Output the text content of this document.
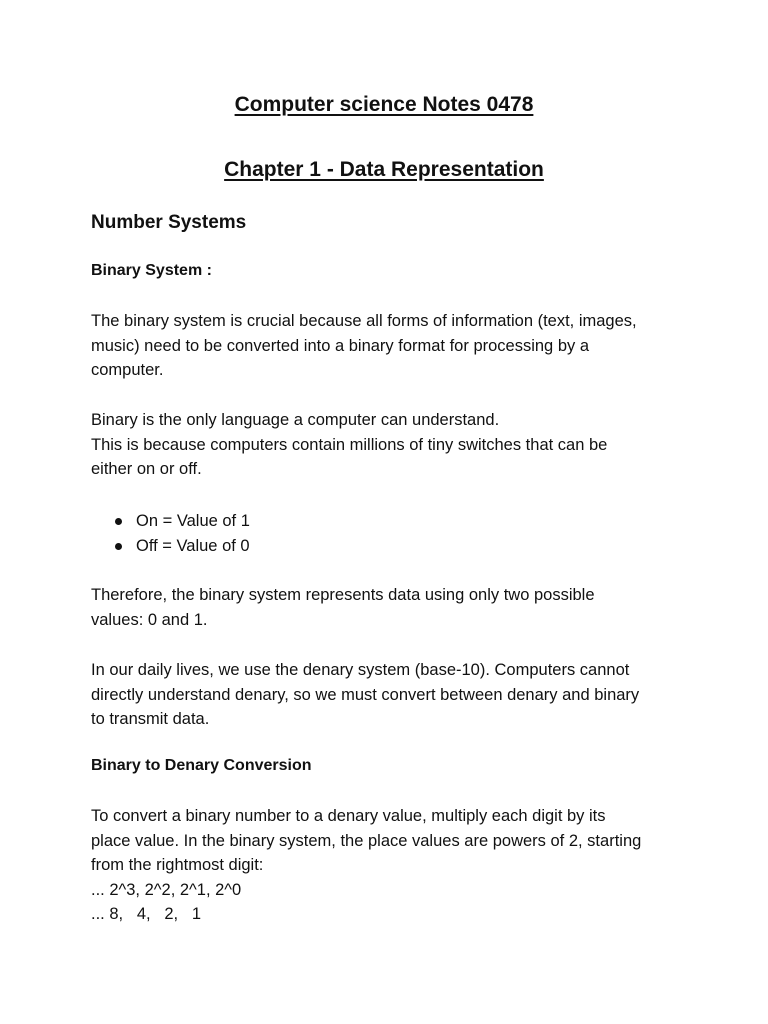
Computer science Notes 0478
Chapter 1 - Data Representation
Number Systems
Binary System :

The binary system is crucial because all forms of information (text, images,
music) need to be converted into a binary format for processing by a
computer.

Binary is the only language a computer can understand.
This is because computers contain millions of tiny switches that can be
either on or off.

On = Value of 1
Off = Value of 0

Therefore, the binary system represents data using only two possible
values: 0 and 1.

In our daily lives, we use the denary system (base-10). Computers cannot
directly understand denary, so we must convert between denary and binary
to transmit data.

Binary to Denary Conversion

To convert a binary number to a denary value, multiply each digit by its
place value. In the binary system, the place values are powers of 2, starting
from the rightmost digit:
... 2^3, 2^2, 2^1, 2^0
... 8,   4,   2,   1
